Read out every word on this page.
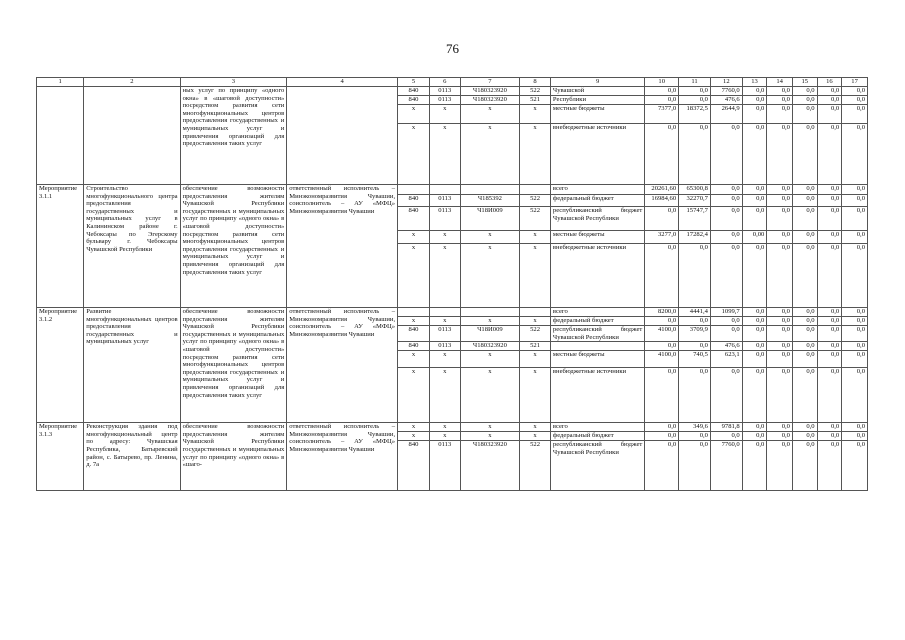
76
1	2	3	4	5	6	7	8	9	10	11	12	13	14	15	16	17
		ных услуг по принципу «одного окна» в «шаговой доступности» посредством развития сети многофункциональных центров предоставления государственных и муниципальных услуг и привлечения организаций для предоставления таких услуг		840	0113	Ч180323920	522	Чувашской	0,0	0,0	7760,0	0,0	0,0	0,0	0,0	0,0
				840	0113	Ч180323920	521	Республики	0,0	0,0	476,6	0,0	0,0	0,0	0,0	0,0
				x	x	x	x	местные бюджеты	7377,0	18372,5	2644,9	0,0	0,0	0,0	0,0	0,0
				x	x	x	x	внебюджетные источники	0,0	0,0	0,0	0,0	0,0	0,0	0,0	0,0
Мероприятие 3.1.1	Строительство многофункционального центра предоставления государственных и муниципальных услуг в Калининском районе г. Чебоксары по Эгерскому бульвару г. Чебоксары Чувашской Республики	обеспечение возможности предоставления жителям Чувашской Республики государственных и муниципальных услуг по принципу «одного окна» в «шаговой доступности» посредством развития сети многофункциональных центров предоставления государственных и муниципальных услуг и привлечения организаций для предоставления таких услуг	ответственный исполнитель – Минэкономразвития Чувашии, соисполнитель – АУ «МФЦ» Минэкономразвития Чувашии					всего	20261,60	65300,8	0,0	0,0	0,0	0,0	0,0	0,0
				840	0113	Ч185392	522	федеральный бюджет	16984,60	32270,7	0,0	0,0	0,0	0,0	0,0	0,0
				840	0113	Ч18И009	522	республиканский бюджет Чувашской Республики	0,0	15747,7	0,0	0,0	0,0	0,0	0,0	0,0
				x	x	x	x	местные бюджеты	3277,0	17282,4	0,0	0,00	0,0	0,0	0,0	0,0
				x	x	x	x	внебюджетные источники	0,0	0,0	0,0	0,0	0,0	0,0	0,0	0,0
Мероприятие 3.1.2	Развитие многофункциональных центров предоставления государственных и муниципальных услуг	обеспечение возможности предоставления жителям Чувашской Республики государственных и муниципальных услуг по принципу «одного окна» в «шаговой доступности» посредством развития сети многофункциональных центров предоставления государственных и муниципальных услуг и привлечения организаций для предоставления таких услуг	ответственный исполнитель – Минэкономразвития Чувашии, соисполнитель – АУ «МФЦ» Минэкономразвития Чувашии					всего	8200,0	4441,4	1099,7	0,0	0,0	0,0	0,0	0,0
				x	x	x	x	федеральный бюджет	0,0	0,0	0,0	0,0	0,0	0,0	0,0	0,0
				840	0113	Ч18И009	522	республиканский бюджет Чувашской Республики	4100,0	3709,9	0,0	0,0	0,0	0,0	0,0	0,0
				840	0113	Ч180323920	521		0,0	0,0	476,6	0,0	0,0	0,0	0,0	0,0
				x	x	x	x	местные бюджеты	4100,0	740,5	623,1	0,0	0,0	0,0	0,0	0,0
				x	x	x	x	внебюджетные источники	0,0	0,0	0,0	0,0	0,0	0,0	0,0	0,0
Мероприятие 3.1.3	Реконструкция здания под многофункциональный центр по адресу: Чувашская Республика, Батыревский район, с. Батырево, пр. Ленина, д. 7а	обеспечение возможности предоставления жителям Чувашской Республики государственных и муниципальных услуг по принципу «одного окна» в «шаго-	ответственный исполнитель – Минэкономразвития Чувашии, соисполнитель – АУ «МФЦ» Минэкономразвития Чувашии	x	x	x	x	всего	0,0	349,6	9781,8	0,0	0,0	0,0	0,0	0,0
				x	x	x	x	федеральный бюджет	0,0	0,0	0,0	0,0	0,0	0,0	0,0	0,0
				840	0113	Ч180323920	522	республиканский бюджет Чувашской Республики	0,0	0,0	7760,0	0,0	0,0	0,0	0,0	0,0
